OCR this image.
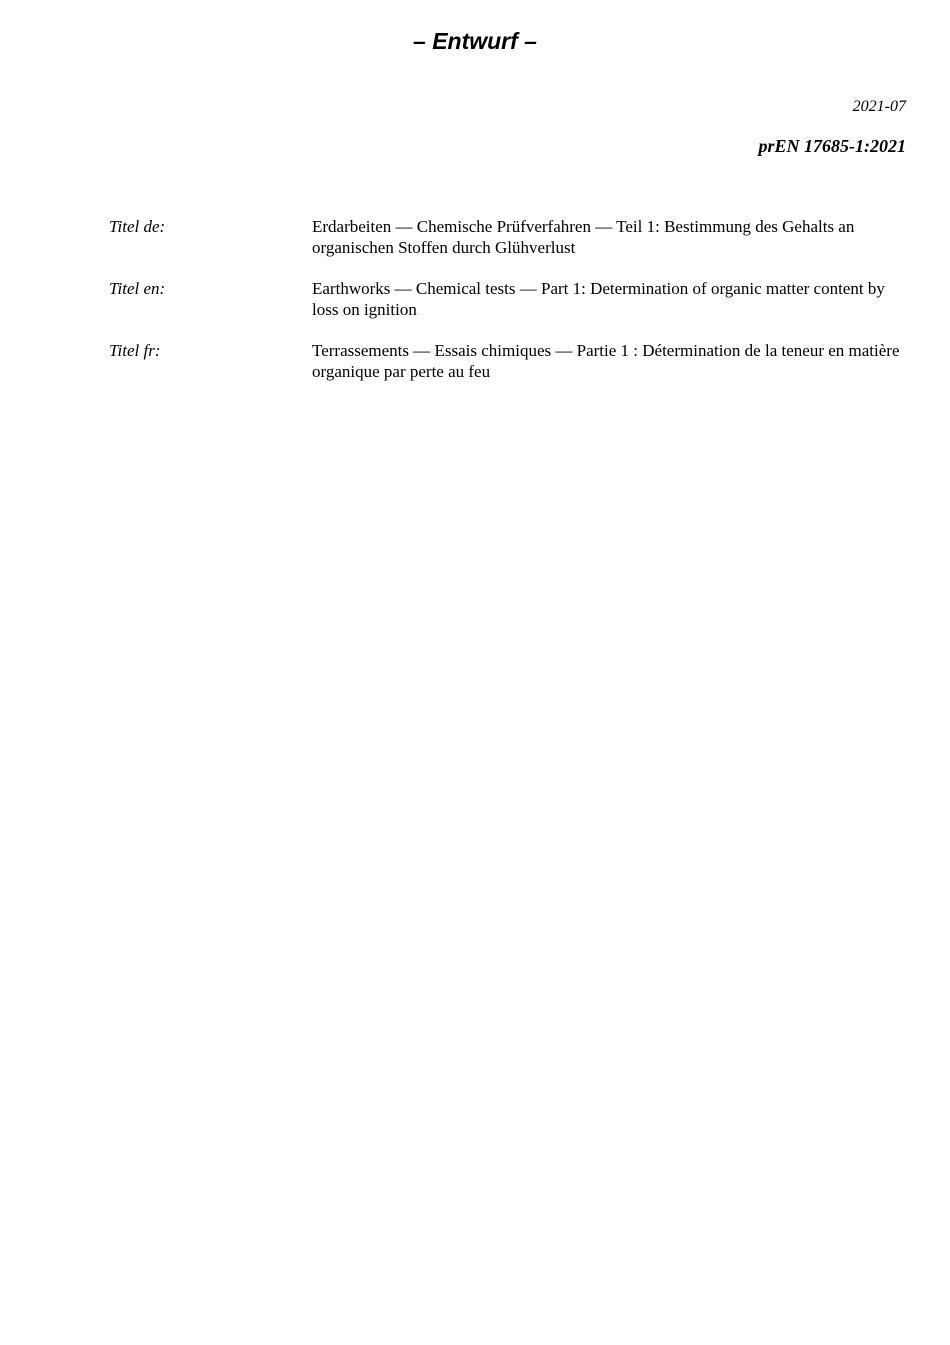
– Entwurf –
2021-07
prEN 17685-1:2021
Titel de:	Erdarbeiten — Chemische Prüfverfahren — Teil 1: Bestimmung des Gehalts an organischen Stoffen durch Glühverlust
Titel en:	Earthworks — Chemical tests — Part 1: Determination of organic matter content by loss on ignition
Titel fr:	Terrassements — Essais chimiques — Partie 1 : Détermination de la teneur en matière organique par perte au feu
